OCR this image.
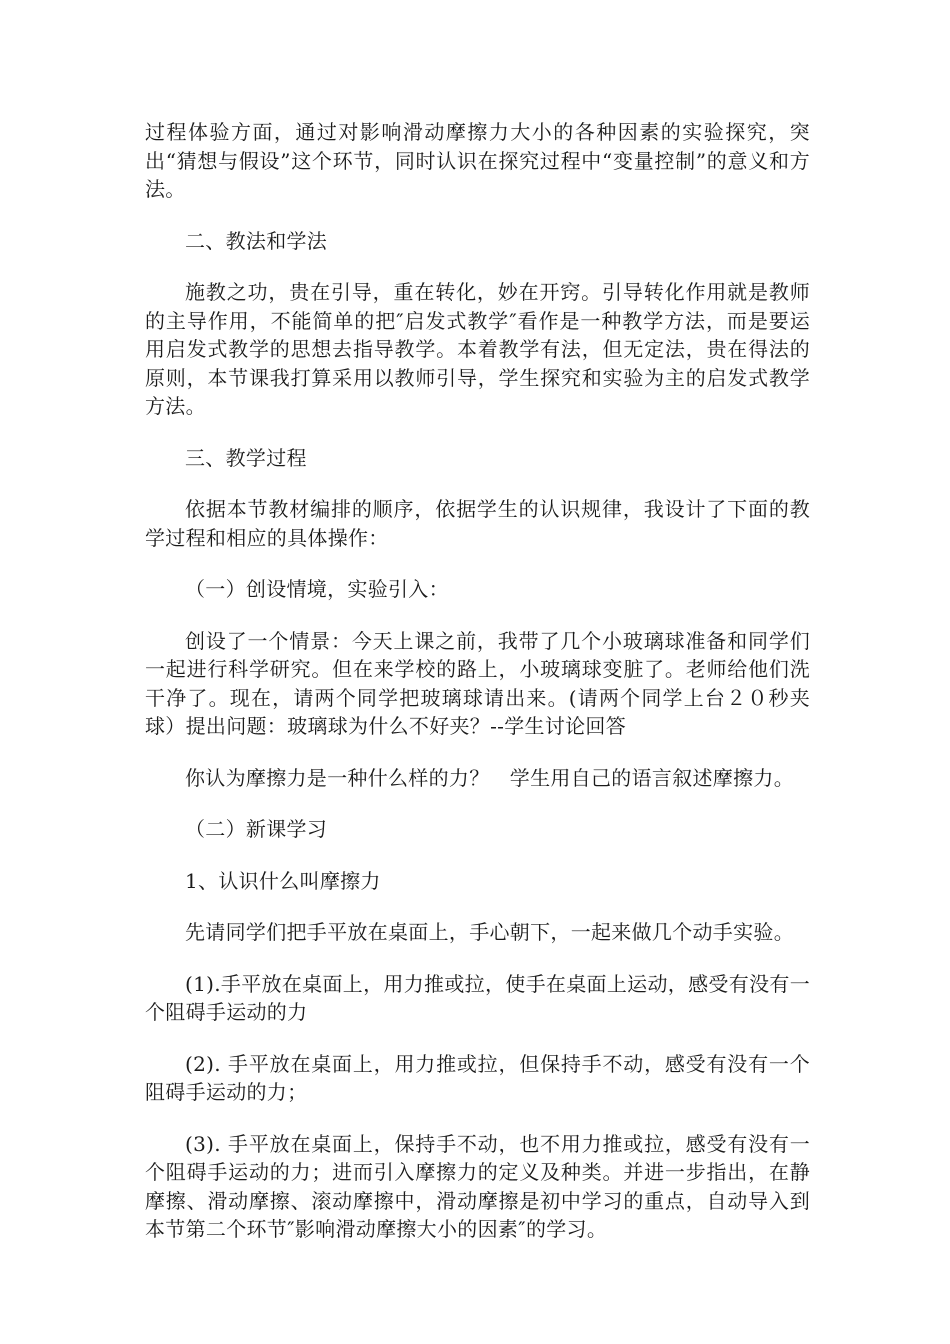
过程体验方面，通过对影响滑动摩擦力大小的各种因素的实验探究，突出“猜想与假设”这个环节，同时认识在探究过程中“变量控制”的意义和方法。

二、教法和学法

施教之功，贵在引导，重在转化，妙在开窍。引导转化作用就是教师的主导作用，不能简单的把″启发式教学″看作是一种教学方法，而是要运用启发式教学的思想去指导教学。本着教学有法，但无定法，贵在得法的原则，本节课我打算采用以教师引导，学生探究和实验为主的启发式教学方法。

三、教学过程

依据本节教材编排的顺序，依据学生的认识规律，我设计了下面的教学过程和相应的具体操作：

（一）创设情境，实验引入：

创设了一个情景：今天上课之前，我带了几个小玻璃球准备和同学们一起进行科学研究。但在来学校的路上，小玻璃球变脏了。老师给他们洗干净了。现在，请两个同学把玻璃球请出来。(请两个同学上台２０秒夹球）提出问题：玻璃球为什么不好夹？--学生讨论回答

你认为摩擦力是一种什么样的力？　学生用自己的语言叙述摩擦力。

（二）新课学习

1、认识什么叫摩擦力

先请同学们把手平放在桌面上，手心朝下，一起来做几个动手实验。

(1).手平放在桌面上，用力推或拉，使手在桌面上运动，感受有没有一个阻碍手运动的力

(2). 手平放在桌面上，用力推或拉，但保持手不动，感受有没有一个阻碍手运动的力；

(3). 手平放在桌面上，保持手不动，也不用力推或拉，感受有没有一个阻碍手运动的力；进而引入摩擦力的定义及种类。并进一步指出，在静摩擦、滑动摩擦、滚动摩擦中，滑动摩擦是初中学习的重点，自动导入到本节第二个环节″影响滑动摩擦大小的因素″的学习。
